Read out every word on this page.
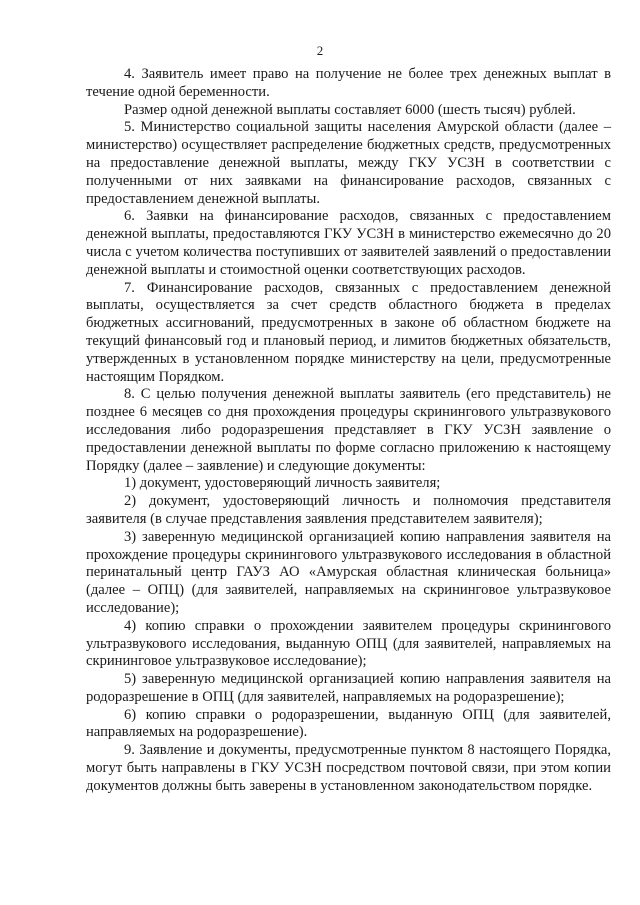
2

4. Заявитель имеет право на получение не более трех денежных выплат в течение одной беременности.

Размер одной денежной выплаты составляет 6000 (шесть тысяч) рублей.

5. Министерство социальной защиты населения Амурской области (далее – министерство) осуществляет распределение бюджетных средств, предусмотренных на предоставление денежной выплаты, между ГКУ УСЗН в соответствии с полученными от них заявками на финансирование расходов, связанных с предоставлением денежной выплаты.

6. Заявки на финансирование расходов, связанных с предоставлением денежной выплаты, предоставляются ГКУ УСЗН в министерство ежемесячно до 20 числа с учетом количества поступивших от заявителей заявлений о предоставлении денежной выплаты и стоимостной оценки соответствующих расходов.

7. Финансирование расходов, связанных с предоставлением денежной выплаты, осуществляется за счет средств областного бюджета в пределах бюджетных ассигнований, предусмотренных в законе об областном бюджете на текущий финансовый год и плановый период, и лимитов бюджетных обязательств, утвержденных в установленном порядке министерству на цели, предусмотренные настоящим Порядком.

8. С целью получения денежной выплаты заявитель (его представитель) не позднее 6 месяцев со дня прохождения процедуры скринингового ультразвукового исследования либо родоразрешения представляет в ГКУ УСЗН заявление о предоставлении денежной выплаты по форме согласно приложению к настоящему Порядку (далее – заявление) и следующие документы:

1) документ, удостоверяющий личность заявителя;

2) документ, удостоверяющий личность и полномочия представителя заявителя (в случае представления заявления представителем заявителя);

3) заверенную медицинской организацией копию направления заявителя на прохождение процедуры скринингового ультразвукового исследования в областной перинатальный центр ГАУЗ АО «Амурская областная клиническая больница» (далее – ОПЦ) (для заявителей, направляемых на скрининговое ультразвуковое исследование);

4) копию справки о прохождении заявителем процедуры скринингового ультразвукового исследования, выданную ОПЦ (для заявителей, направляемых на скрининговое ультразвуковое исследование);

5) заверенную медицинской организацией копию направления заявителя на родоразрешение в ОПЦ (для заявителей, направляемых на родоразрешение);

6) копию справки о родоразрешении, выданную ОПЦ (для заявителей, направляемых на родоразрешение).

9. Заявление и документы, предусмотренные пунктом 8 настоящего Порядка, могут быть направлены в ГКУ УСЗН посредством почтовой связи, при этом копии документов должны быть заверены в установленном законодательством порядке.
